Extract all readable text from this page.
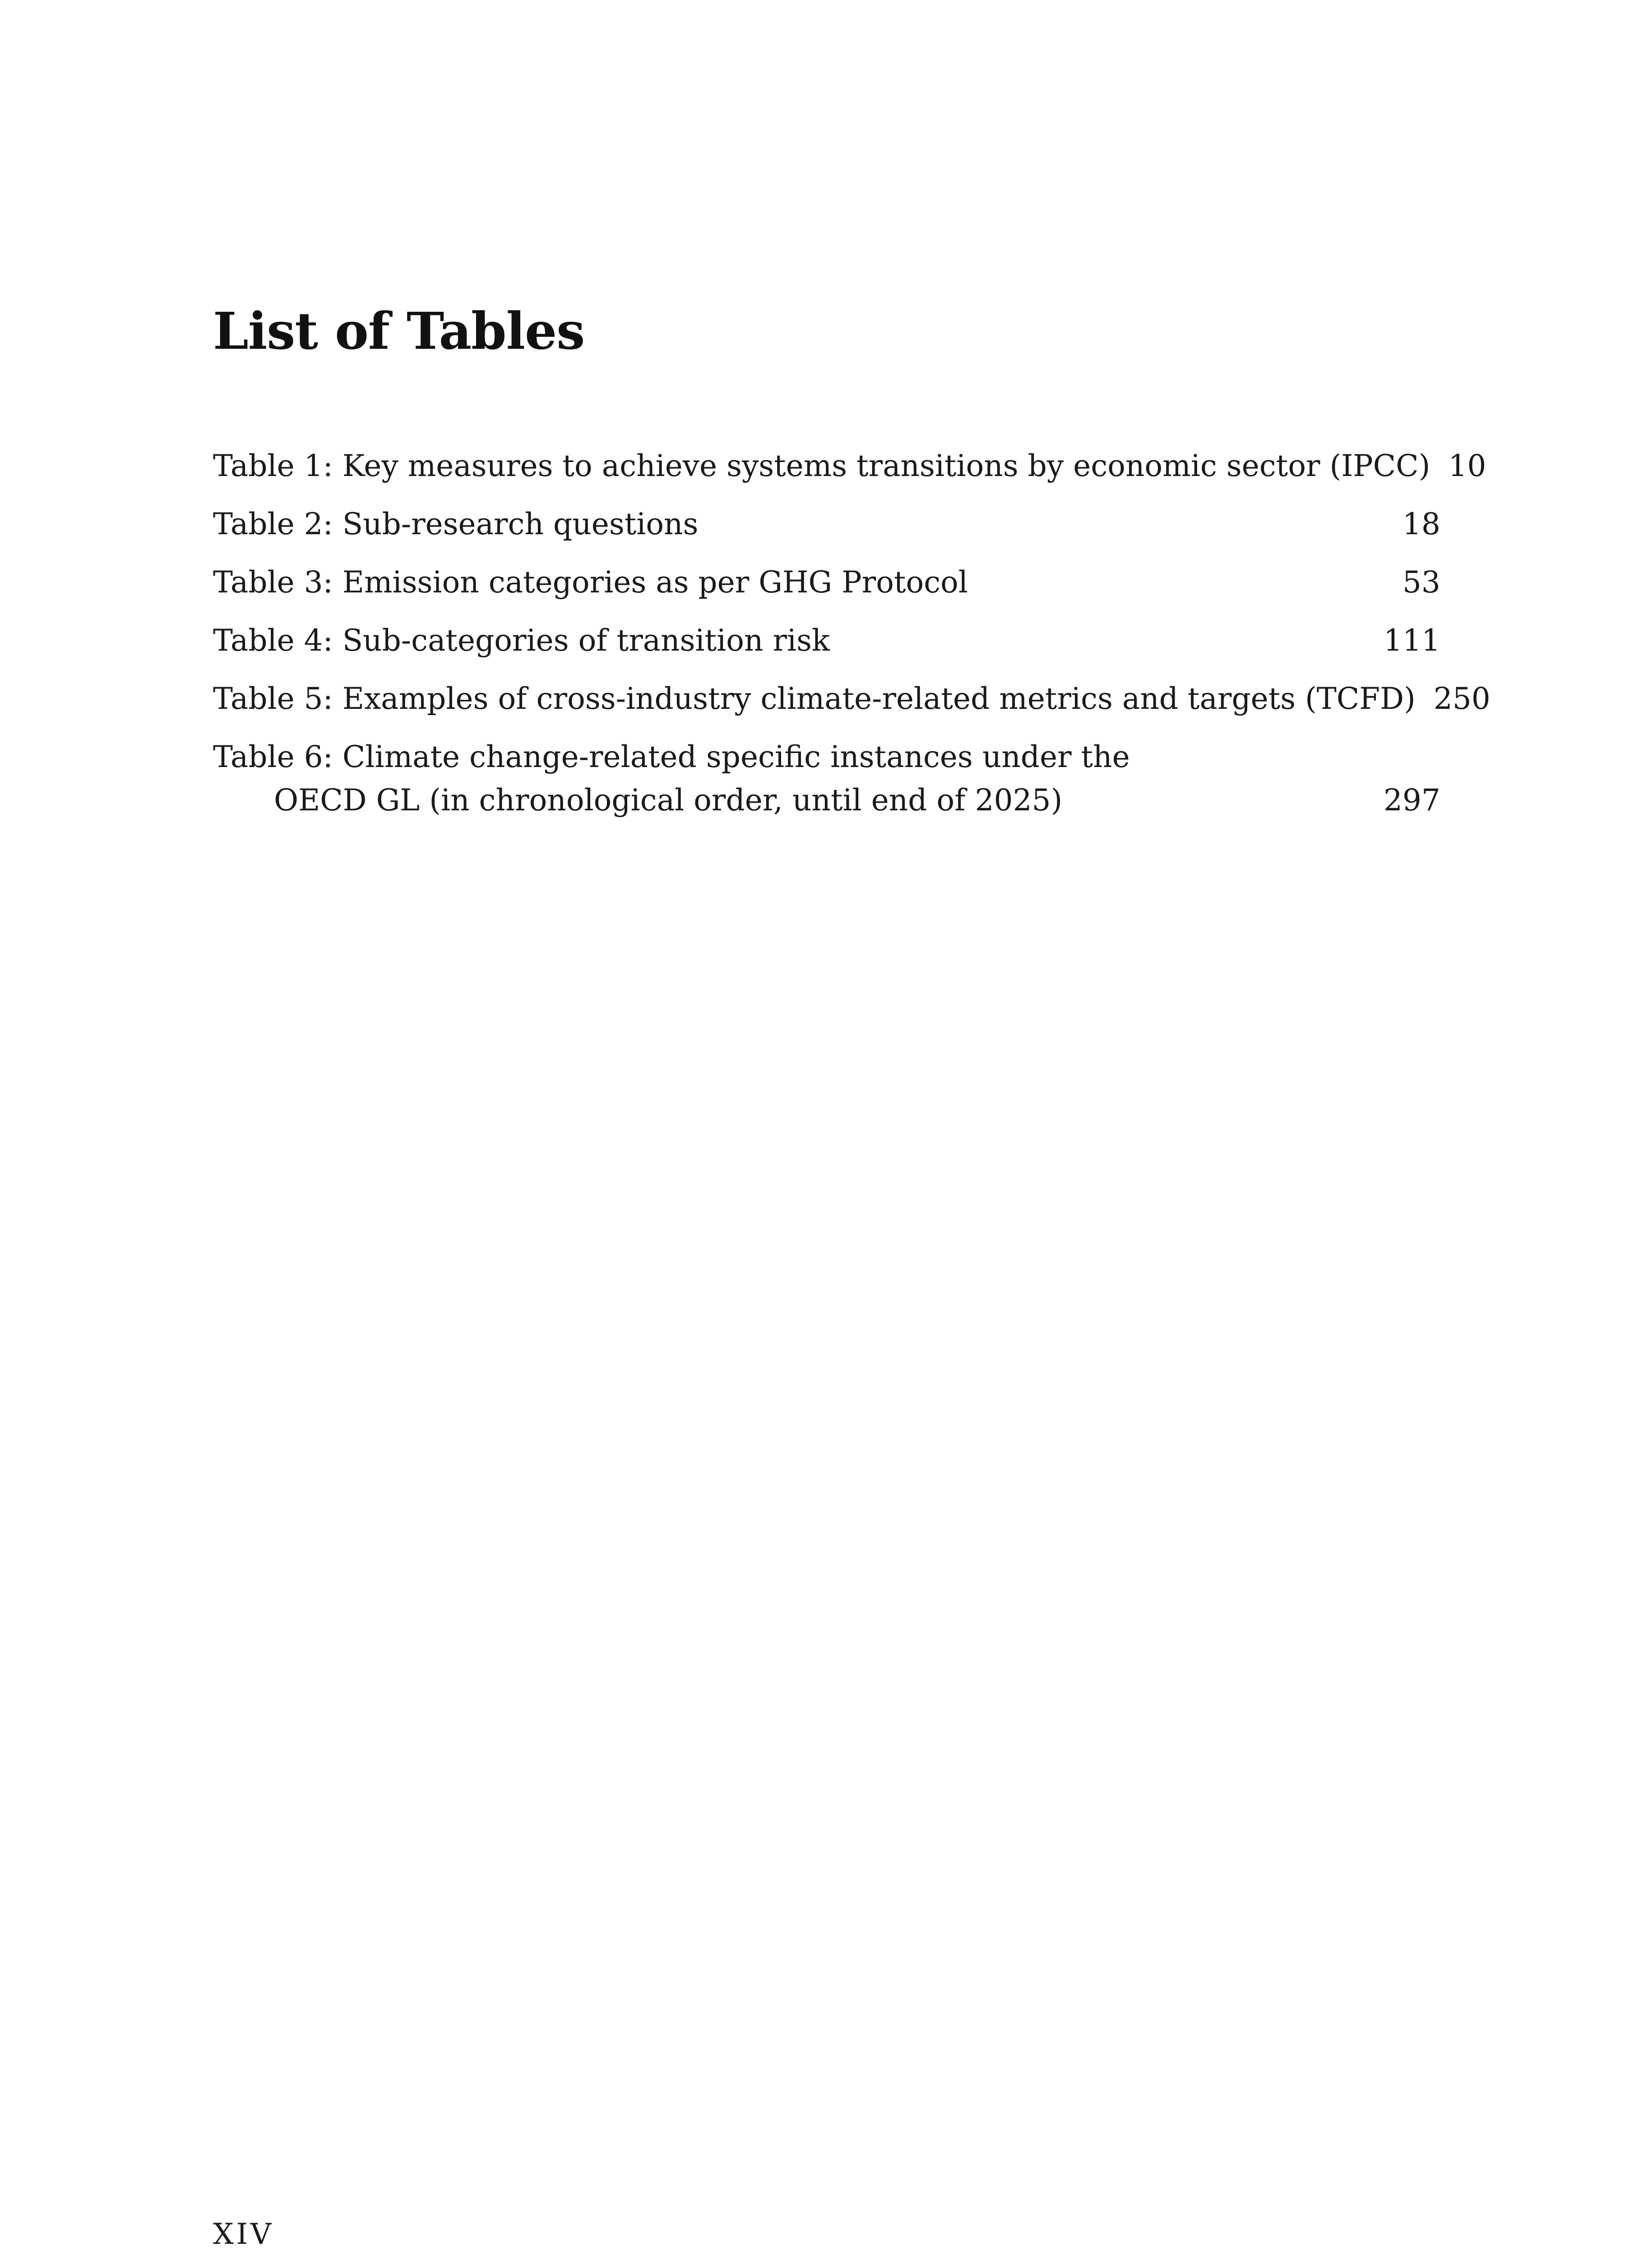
List of Tables
Table 1: Key measures to achieve systems transitions by economic sector (IPCC) 10
Table 2: Sub-research questions	18
Table 3: Emission categories as per GHG Protocol	53
Table 4: Sub-categories of transition risk	111
Table 5: Examples of cross-industry climate-related metrics and targets (TCFD) 250
Table 6: Climate change-related specific instances under the
OECD GL (in chronological order, until end of 2025)	297
XIV
